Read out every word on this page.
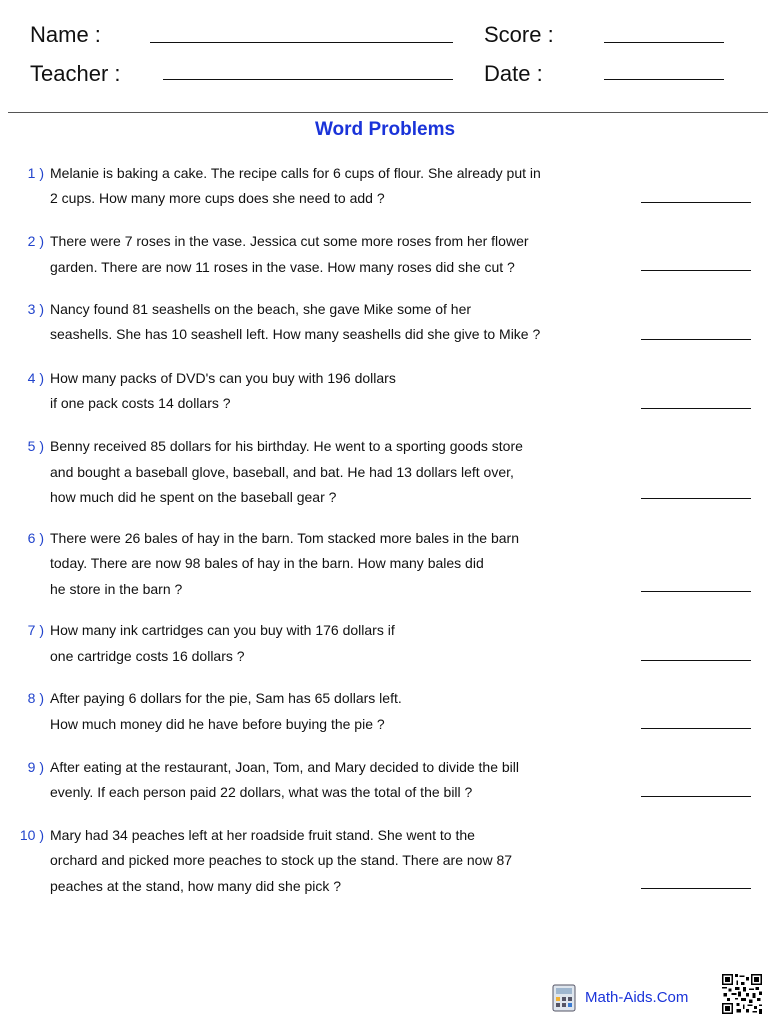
Name :
Teacher :
Score :
Date :
Word Problems
1 ) Melanie is baking a cake. The recipe calls for 6 cups of flour. She already put in
2 cups. How many more cups does she need to add ?
2 ) There were 7 roses in the vase. Jessica cut some more roses from her flower
garden. There are now 11 roses in the vase. How many roses did she cut ?
3 ) Nancy found 81 seashells on the beach, she gave Mike some of her
seashells. She has 10 seashell left. How many seashells did she give to Mike ?
4 ) How many packs of DVD's can you buy with 196 dollars
if one pack costs 14 dollars ?
5 ) Benny received 85 dollars for his birthday. He went to a sporting goods store
and bought a baseball glove, baseball, and bat. He had 13 dollars left over,
how much did he spent on the baseball gear ?
6 ) There were 26 bales of hay in the barn. Tom stacked more bales in the barn
today. There are now 98 bales of hay in the barn. How many bales did
he store in the barn ?
7 ) How many ink cartridges can you buy with 176 dollars if
one cartridge costs 16 dollars ?
8 ) After paying 6 dollars for the pie, Sam has 65 dollars left.
How much money did he have before buying the pie ?
9 ) After eating at the restaurant, Joan, Tom, and Mary decided to divide the bill
evenly. If each person paid 22 dollars, what was the total of the bill ?
10 ) Mary had 34 peaches left at her roadside fruit stand. She went to the
orchard and picked more peaches to stock up the stand. There are now 87
peaches at the stand, how many did she pick ?
Math-Aids.Com
